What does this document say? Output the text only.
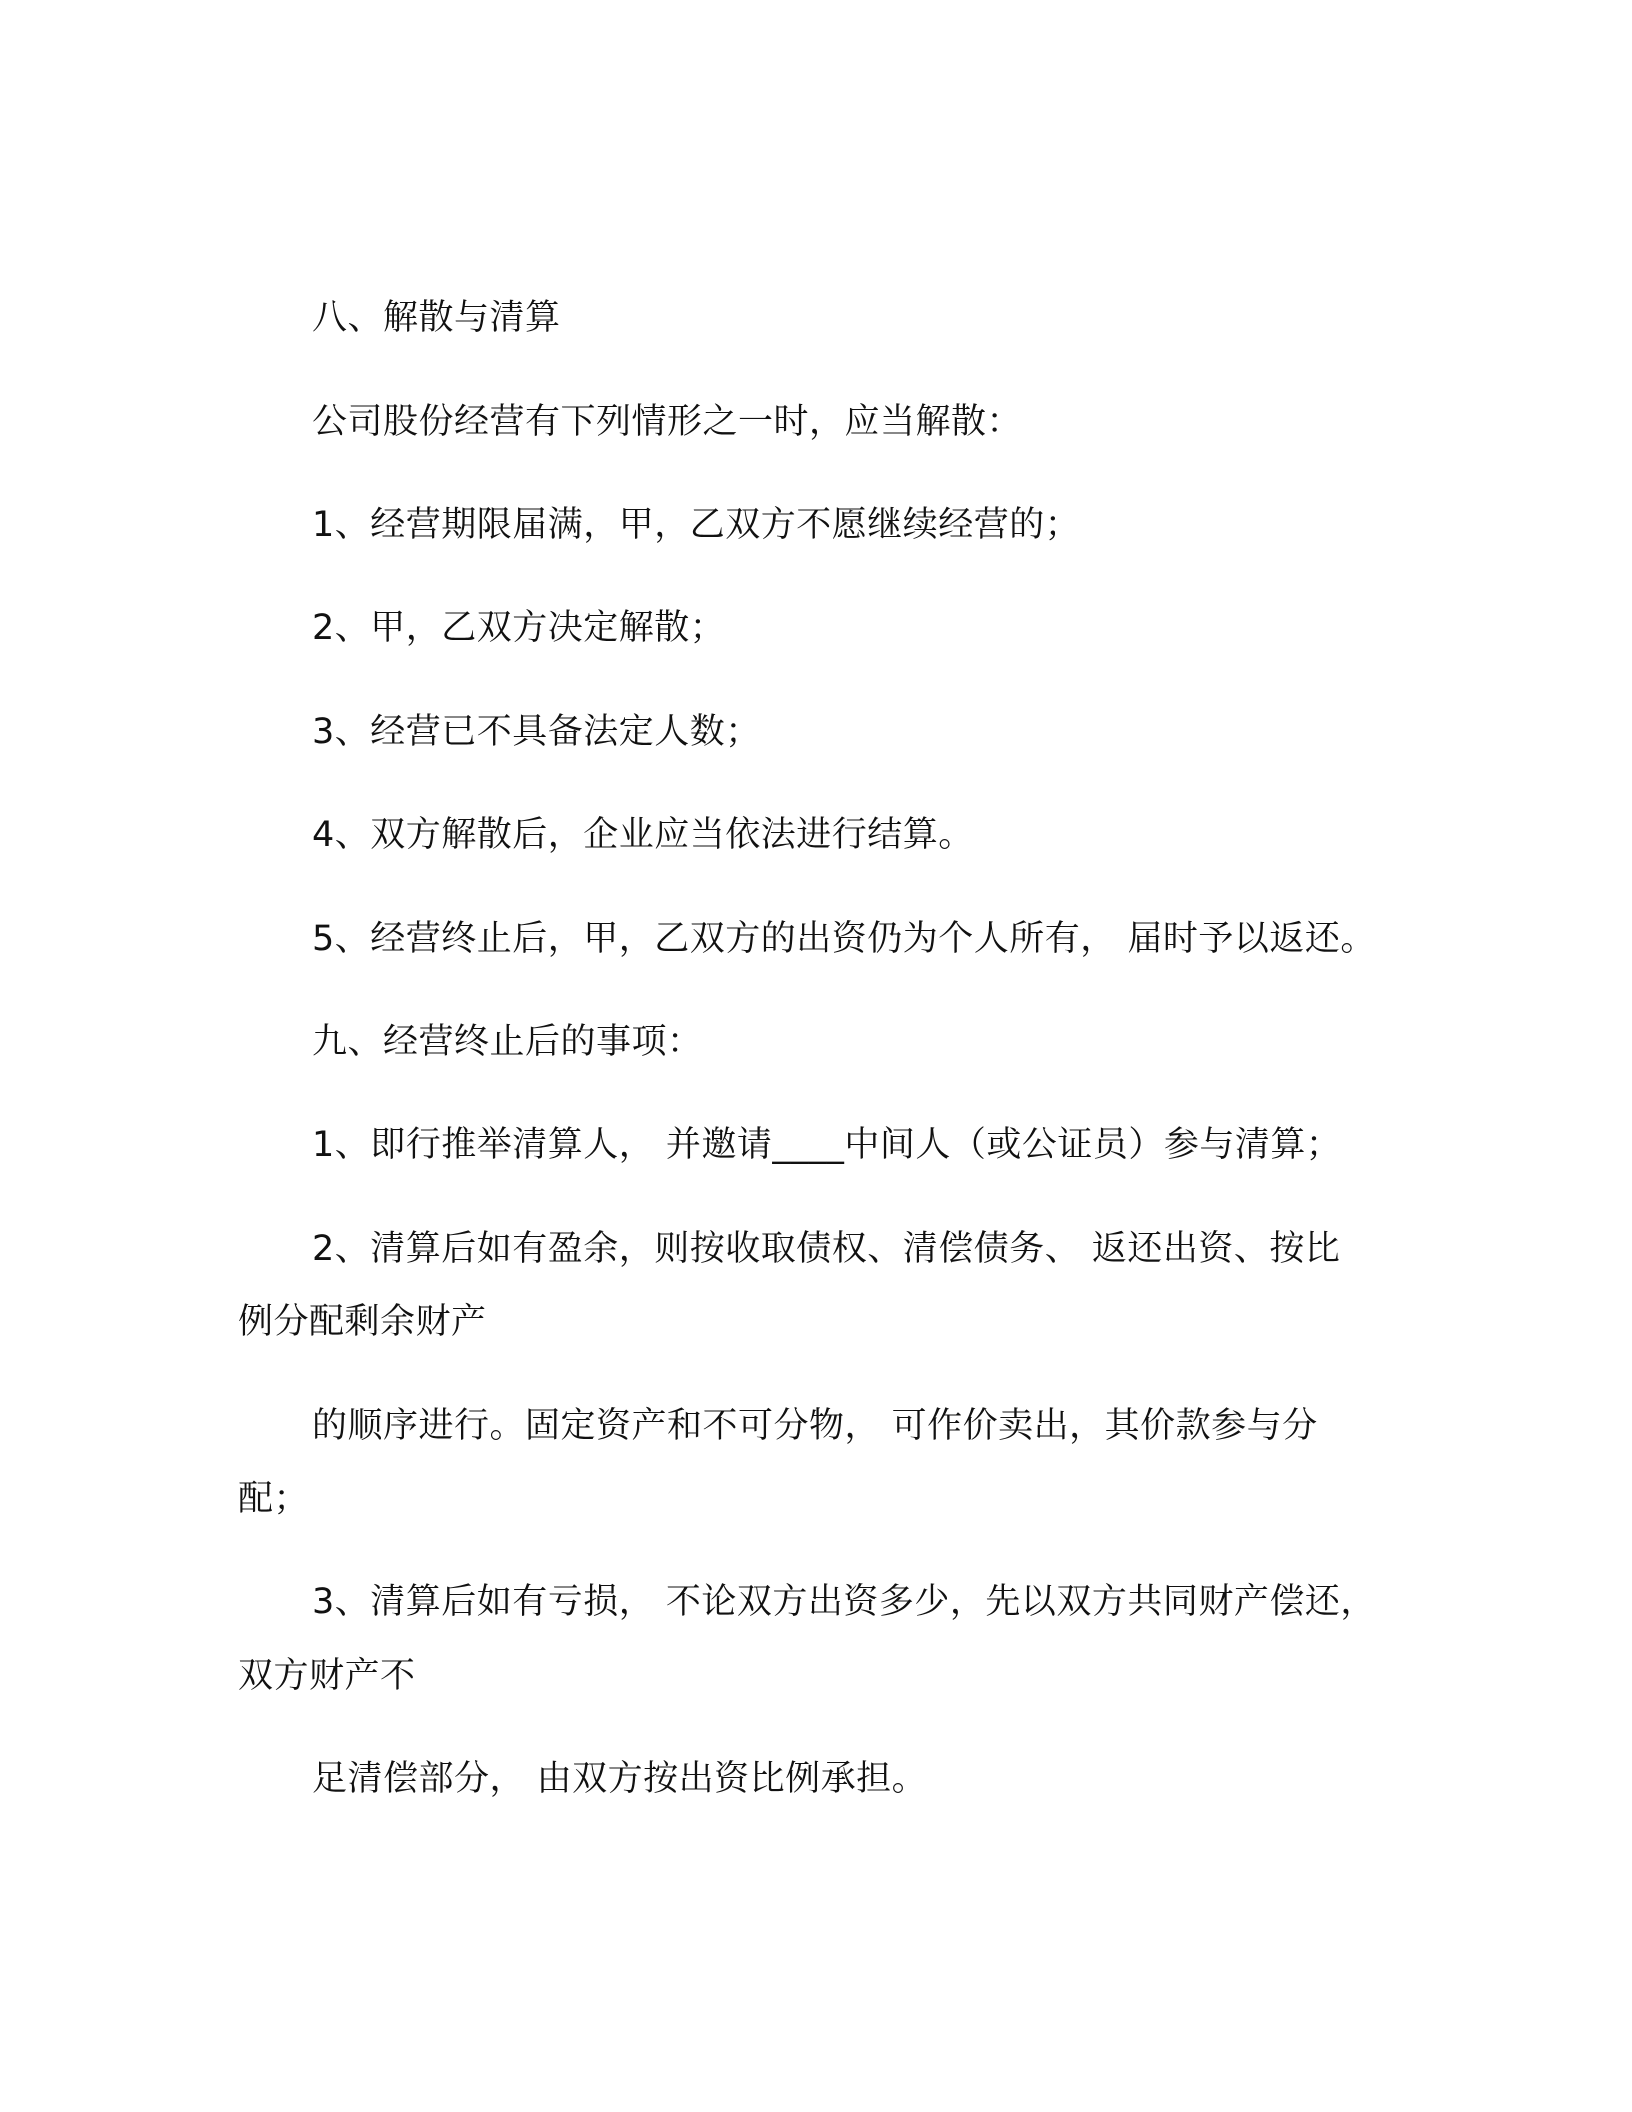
八、解散与清算
公司股份经营有下列情形之一时，应当解散：
1、经营期限届满，甲，乙双方不愿继续经营的；
2、甲，乙双方决定解散；
3、经营已不具备法定人数；
4、双方解散后，企业应当依法进行结算。
5、经营终止后，甲，乙双方的出资仍为个人所有， 届时予以返还。
九、经营终止后的事项：
1、即行推举清算人， 并邀请____中间人（或公证员）参与清算；
2、清算后如有盈余，则按收取债权、清偿债务、 返还出资、按比
例分配剩余财产
的顺序进行。固定资产和不可分物， 可作价卖出，其价款参与分
配；
3、清算后如有亏损， 不论双方出资多少，先以双方共同财产偿还，
双方财产不
足清偿部分， 由双方按出资比例承担。
